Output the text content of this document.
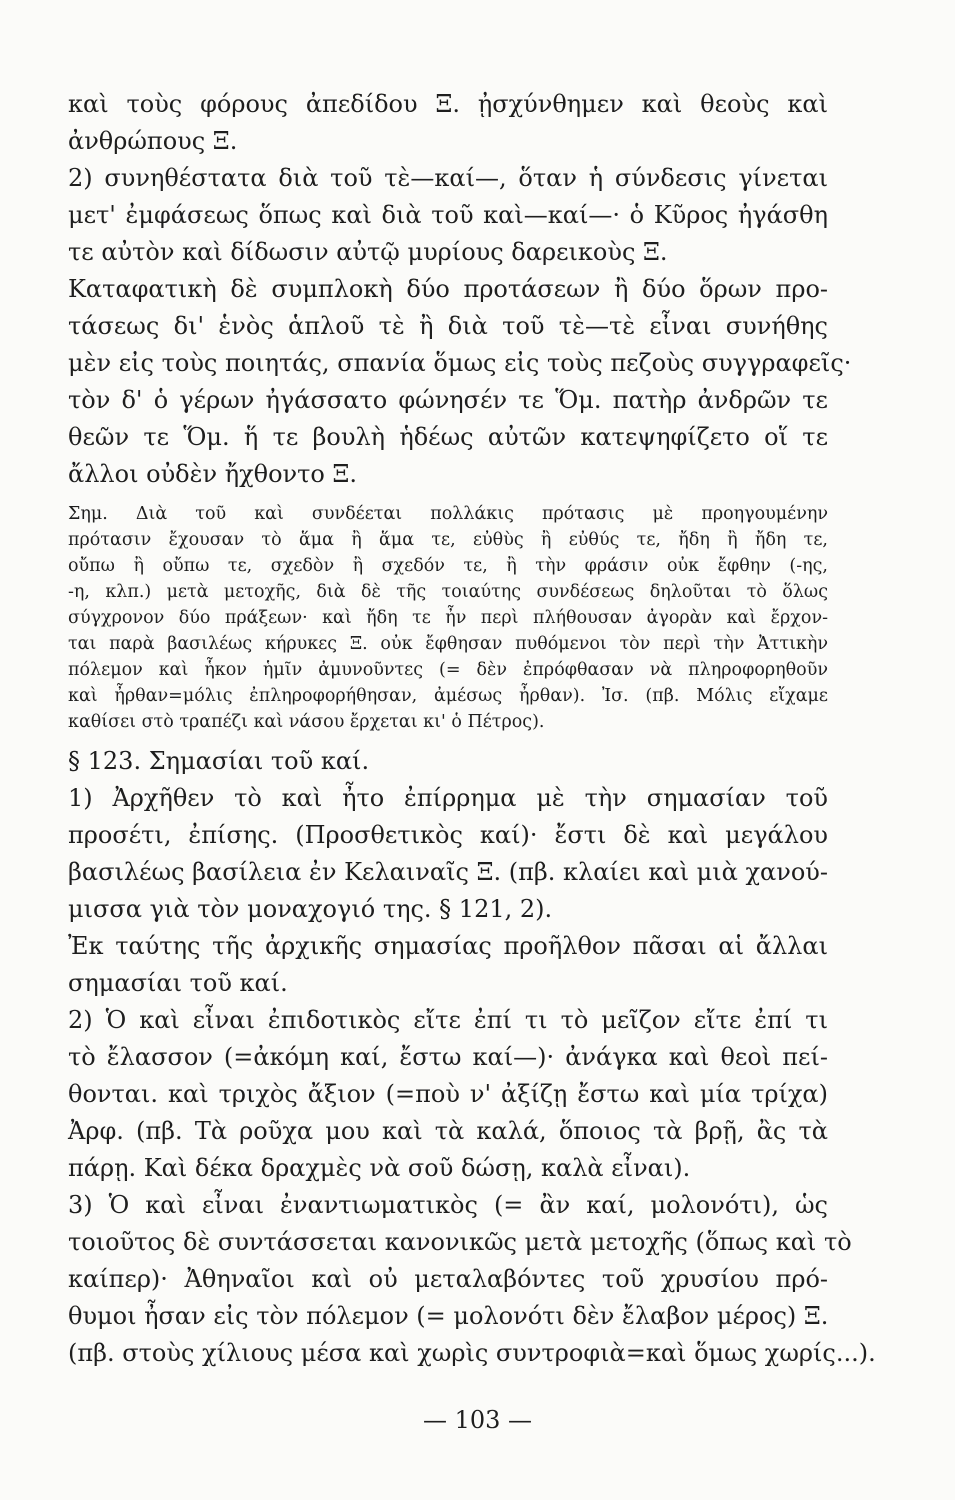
καὶ τοὺς φόρους ἀπεδίδου Ξ. ᾐσχύνθημεν καὶ θεοὺς καὶ
ἀνθρώπους Ξ.
2) συνηθέστατα διὰ τοῦ τὲ—καί—, ὅταν ἡ σύνδεσις γίνεται
μετ' ἐμφάσεως ὅπως καὶ διὰ τοῦ καὶ—καί—· ὁ Κῦρος ἠγάσθη
τε αὐτὸν καὶ δίδωσιν αὐτῷ μυρίους δαρεικοὺς Ξ.
Καταφατικὴ δὲ συμπλοκὴ δύο προτάσεων ἢ δύο ὅρων προ-
τάσεως δι' ἑνὸς ἁπλοῦ τὲ ἢ διὰ τοῦ τὲ—τὲ εἶναι συνήθης
μὲν εἰς τοὺς ποιητάς, σπανία ὅμως εἰς τοὺς πεζοὺς συγγραφεῖς·
τὸν δ' ὁ γέρων ἠγάσσατο φώνησέν τε Ὅμ. πατὴρ ἀνδρῶν τε
θεῶν τε Ὅμ. ἥ τε βουλὴ ἡδέως αὐτῶν κατεψηφίζετο οἵ τε
ἄλλοι οὐδὲν ἤχθοντο Ξ.
Σημ. Διὰ τοῦ καὶ συνδέεται πολλάκις πρότασις μὲ προηγουμένην
πρότασιν ἔχουσαν τὸ ἅμα ἢ ἅμα τε, εὐθὺς ἢ εὐθύς τε, ἤδη ἢ ἤδη τε,
οὔπω ἢ οὔπω τε, σχεδὸν ἢ σχεδόν τε, ἢ τὴν φράσιν οὐκ ἔφθην (-ης,
-η, κλπ.) μετὰ μετοχῆς, διὰ δὲ τῆς τοιαύτης συνδέσεως δηλοῦται τὸ ὅλως
σύγχρονον δύο πράξεων· καὶ ἤδη τε ἦν περὶ πλήθουσαν ἀγορὰν καὶ ἔρχον-
ται παρὰ βασιλέως κήρυκες Ξ. οὐκ ἔφθησαν πυθόμενοι τὸν περὶ τὴν Ἀττικὴν
πόλεμον καὶ ἧκον ἡμῖν ἀμυνοῦντες (= δὲν ἐπρόφθασαν νὰ πληροφορηθοῦν
καὶ ἦρθαν=μόλις ἐπληροφορήθησαν, ἀμέσως ἦρθαν). Ἰσ. (πβ. Μόλις εἴχαμε
καθίσει στὸ τραπέζι καὶ νάσου ἔρχεται κι' ὁ Πέτρος).
§ 123. Σημασίαι τοῦ καί.
1) Ἀρχῆθεν τὸ καὶ ἦτο ἐπίρρημα μὲ τὴν σημασίαν τοῦ
προσέτι, ἐπίσης. (Προσθετικὸς καί)· ἔστι δὲ καὶ μεγάλου
βασιλέως βασίλεια ἐν Κελαιναῖς Ξ. (πβ. κλαίει καὶ μιὰ χανού-
μισσα γιὰ τὸν μοναχογιό της. § 121, 2).
Ἐκ ταύτης τῆς ἀρχικῆς σημασίας προῆλθον πᾶσαι αἱ ἄλλαι
σημασίαι τοῦ καί.
2) Ὁ καὶ εἶναι ἐπιδοτικὸς εἴτε ἐπί τι τὸ μεῖζον εἴτε ἐπί τι
τὸ ἔλασσον (=ἀκόμη καί, ἔστω καί—)· ἀνάγκα καὶ θεοὶ πεί-
θονται. καὶ τριχὸς ἄξιον (=ποὺ ν' ἀξίζῃ ἔστω καὶ μία τρίχα)
Ἀρφ. (πβ. Τὰ ροῦχα μου καὶ τὰ καλά, ὅποιος τὰ βρῇ, ἂς τὰ
πάρῃ. Καὶ δέκα δραχμὲς νὰ σοῦ δώσῃ, καλὰ εἶναι).
3) Ὁ καὶ εἶναι ἐναντιωματικὸς (= ἂν καί, μολονότι), ὡς
τοιοῦτος δὲ συντάσσεται κανονικῶς μετὰ μετοχῆς (ὅπως καὶ τὸ
καίπερ)· Ἀθηναῖοι καὶ οὐ μεταλαβόντες τοῦ χρυσίου πρό-
θυμοι ἦσαν εἰς τὸν πόλεμον (= μολονότι δὲν ἔλαβον μέρος) Ξ.
(πβ. στοὺς χίλιους μέσα καὶ χωρὶς συντροφιὰ=καὶ ὅμως χωρίς...).
— 103 —
